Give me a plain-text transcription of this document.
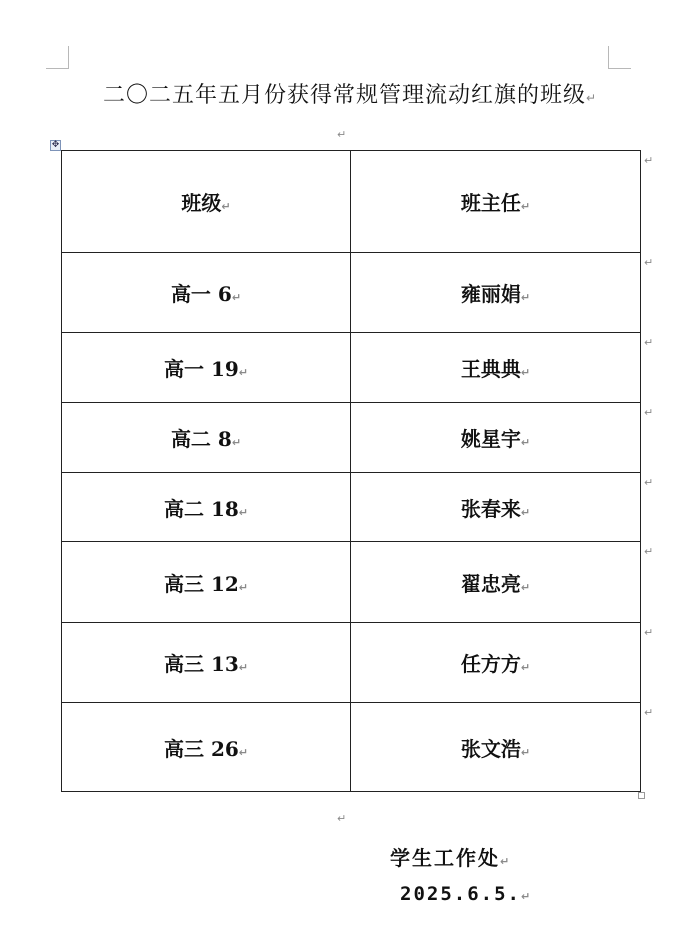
二〇二五年五月份获得常规管理流动红旗的班级↵
↵
✥
班级↵	班主任↵
高一 6↵	雍丽娟↵
高一 19↵	王典典↵
高二 8↵	姚星宇↵
高二 18↵	张春来↵
高三 12↵	翟忠亮↵
高三 13↵	任方方↵
高三 26↵	张文浩↵
↵
↵
↵
↵
↵
↵
↵
↵
↵
学生工作处↵
2025.6.5.↵
